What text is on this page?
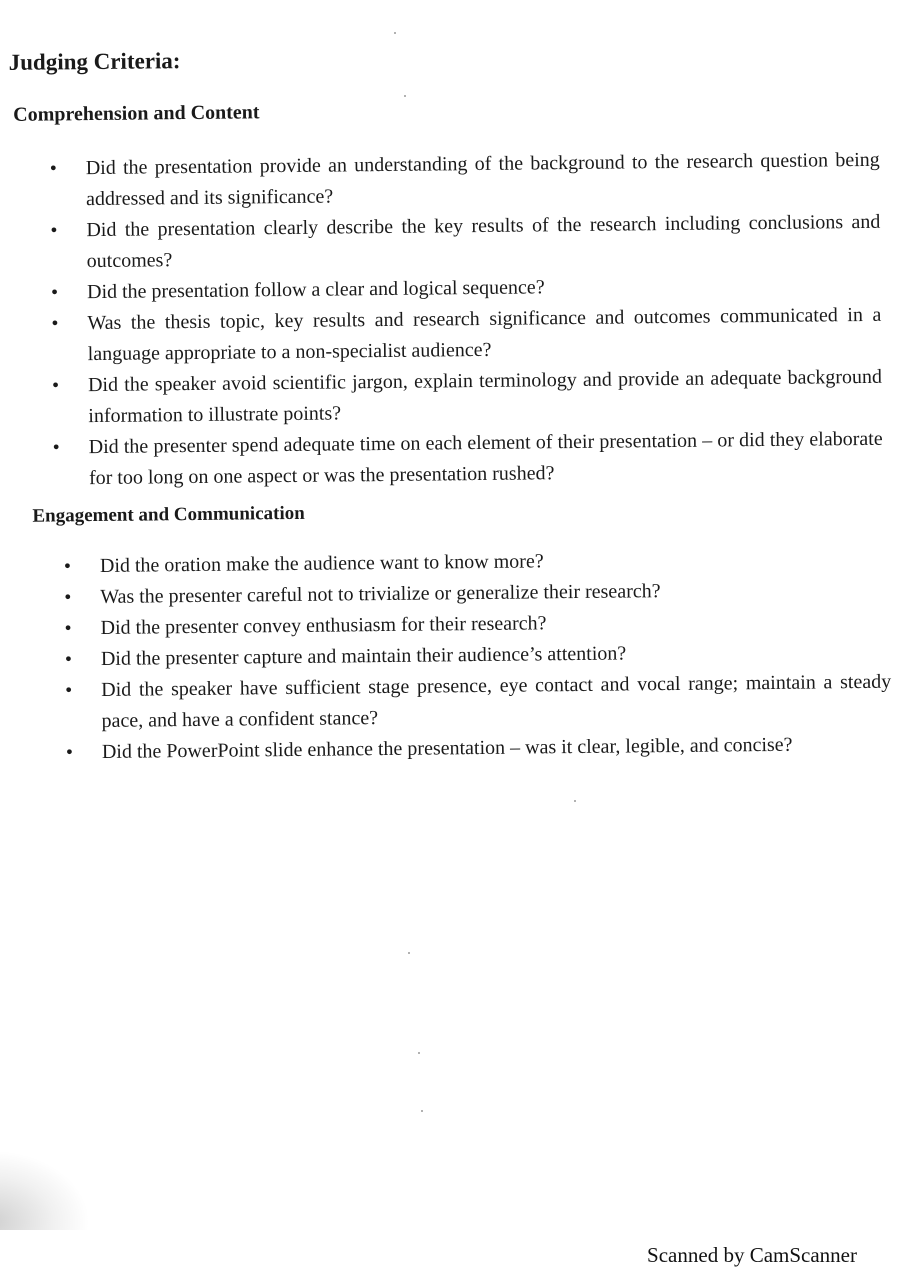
Judging Criteria:
Comprehension and Content
• Did the presentation provide an understanding of the background to the research question being addressed and its significance?
• Did the presentation clearly describe the key results of the research including conclusions and outcomes?
• Did the presentation follow a clear and logical sequence?
• Was the thesis topic, key results and research significance and outcomes communicated in a language appropriate to a non-specialist audience?
• Did the speaker avoid scientific jargon, explain terminology and provide an adequate background information to illustrate points?
• Did the presenter spend adequate time on each element of their presentation – or did they elaborate for too long on one aspect or was the presentation rushed?
Engagement and Communication
• Did the oration make the audience want to know more?
• Was the presenter careful not to trivialize or generalize their research?
• Did the presenter convey enthusiasm for their research?
• Did the presenter capture and maintain their audience’s attention?
• Did the speaker have sufficient stage presence, eye contact and vocal range; maintain a steady pace, and have a confident stance?
• Did the PowerPoint slide enhance the presentation – was it clear, legible, and concise?
Scanned by CamScanner
